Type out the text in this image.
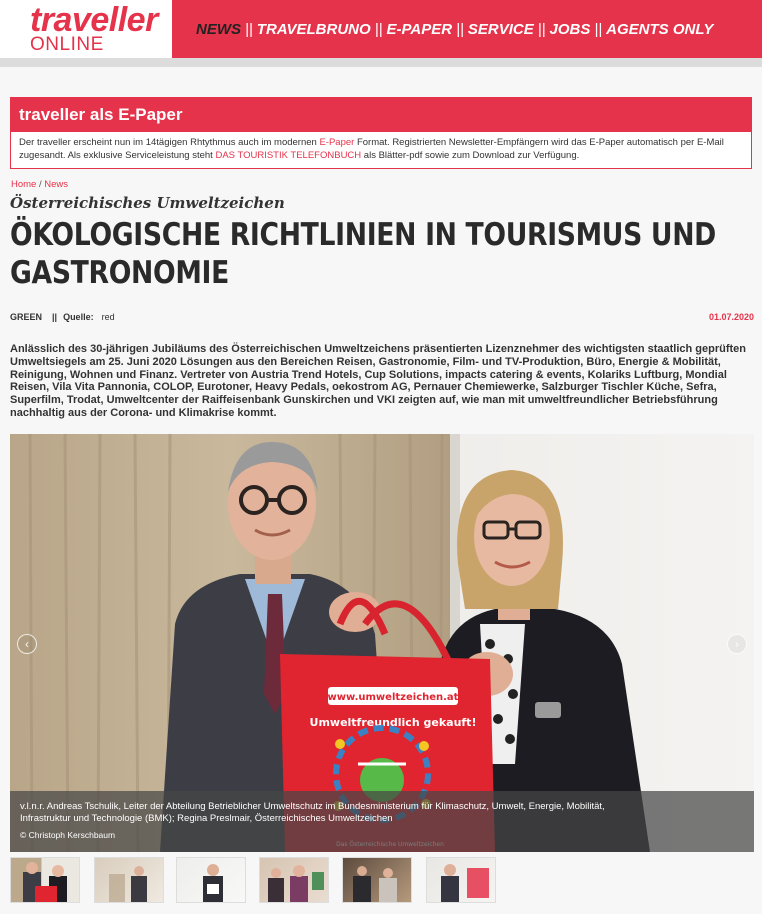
traveller
ONLINE
NEWS || TRAVELBRUNO || E-PAPER || SERVICE || JOBS || AGENTS ONLY
traveller als E-Paper
Der traveller erscheint nun im 14tägigen Rhtythmus auch im modernen E-Paper Format. Registrierten Newsletter-Empfängern wird das E-Paper automatisch per E-Mail zugesandt. Als exklusive Serviceleistung steht DAS TOURISTIK TELEFONBUCH als Blätter-pdf sowie zum Download zur Verfügung.
Home / News
Österreichisches Umweltzeichen
ÖKOLOGISCHE RICHTLINIEN IN TOURISMUS UND
GASTRONOMIE
GREEN || Quelle: red	01.07.2020

Anlässlich des 30-jährigen Jubiläums des Österreichischen Umweltzeichens präsentierten Lizenznehmer des wichtigsten staatlich geprüften Umweltsiegels am 25. Juni 2020 Lösungen aus den Bereichen Reisen, Gastronomie, Film- und TV-Produktion, Büro, Energie & Mobilität, Reinigung, Wohnen und Finanz. Vertreter von Austria Trend Hotels, Cup Solutions, impacts catering & events, Kolariks Luftburg, Mondial Reisen, Vila Vita Pannonia, COLOP, Eurotoner, Heavy Pedals, oekostrom AG, Pernauer Chemiewerke, Salzburger Tischler Küche, Sefra, Superfilm, Trodat, Umweltcenter der Raiffeisenbank Gunskirchen und VKI zeigten auf, wie man mit umweltfreundlicher Betriebsführung nachhaltig aus der Corona- und Klimakrise kommt.

www.umweltzeichen.at
Umweltfreundlich gekauft!
‹	›
v.l.n.r. Andreas Tschulik, Leiter der Abteilung Betrieblicher Umweltschutz im Bundesministerium für Klimaschutz, Umwelt, Energie, Mobilität,
Infrastruktur und Technologie (BMK); Regina Preslmair, Österreichisches Umweltzeichen
© Christoph Kerschbaum
